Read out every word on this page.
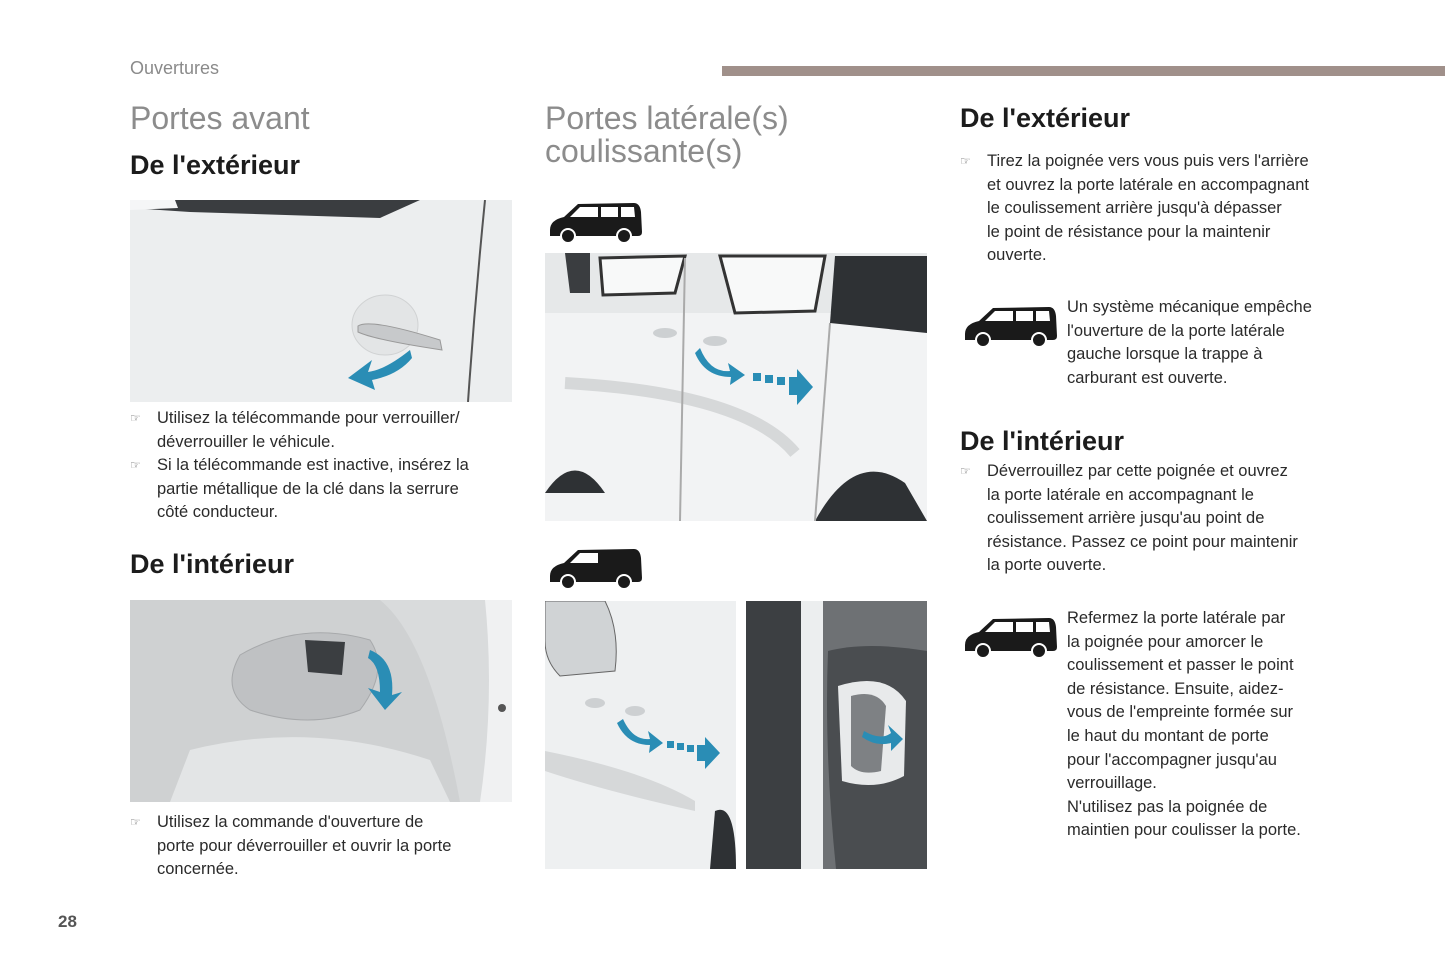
Ouvertures
Portes avant
De l'extérieur
☞ Utilisez la télécommande pour verrouiller/
déverrouiller le véhicule.
☞ Si la télécommande est inactive, insérez la
partie métallique de la clé dans la serrure
côté conducteur.
De l'intérieur
☞ Utilisez la commande d'ouverture de
porte pour déverrouiller et ouvrir la porte
concernée.
Portes latérale(s)
coulissante(s)
De l'extérieur
☞ Tirez la poignée vers vous puis vers l'arrière
et ouvrez la porte latérale en accompagnant
le coulissement arrière jusqu'à dépasser
le point de résistance pour la maintenir
ouverte.
Un système mécanique empêche
l'ouverture de la porte latérale
gauche lorsque la trappe à
carburant est ouverte.
De l'intérieur
☞ Déverrouillez par cette poignée et ouvrez
la porte latérale en accompagnant le
coulissement arrière jusqu'au point de
résistance. Passez ce point pour maintenir
la porte ouverte.
Refermez la porte latérale par
la poignée pour amorcer le
coulissement et passer le point
de résistance. Ensuite, aidez-
vous de l'empreinte formée sur
le haut du montant de porte
pour l'accompagner jusqu'au
verrouillage.
N'utilisez pas la poignée de
maintien pour coulisser la porte.
28
